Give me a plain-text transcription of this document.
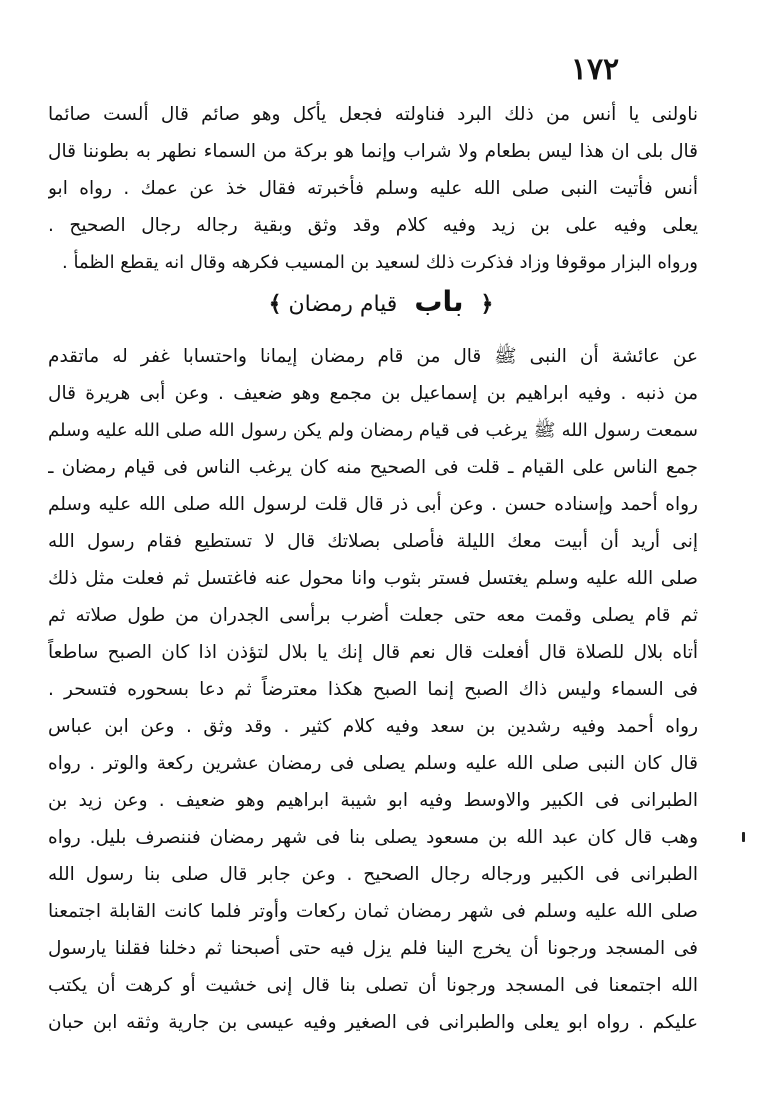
١٧٢
ناولنى يا أنس من ذلك البرد فناولته فجعل يأكل وهو صائم قال ألست صائما
قال بلى ان هذا ليس بطعام ولا شراب وإنما هو بركة من السماء نطهر به بطوننا قال
أنس فأتيت النبى صلى الله عليه وسلم فأخبرته فقال خذ عن عمك . رواه ابو
يعلى وفيه على بن زيد وفيه كلام وقد وثق وبقية رجاله رجال الصحيح .
ورواه البزار موقوفا وزاد فذكرت ذلك لسعيد بن المسيب فكرهه وقال انه يقطع الظمأ .
﴿ باب قيام رمضان ﴾
عن عائشة أن النبى ﷺ قال من قام رمضان إيمانا واحتسابا غفر له ماتقدم
من ذنبه . وفيه ابراهيم بن إسماعيل بن مجمع وهو ضعيف . وعن أبى هريرة قال
سمعت رسول الله ﷺ يرغب فى قيام رمضان ولم يكن رسول الله صلى الله عليه وسلم
جمع الناس على القيام ـ قلت فى الصحيح منه كان يرغب الناس فى قيام رمضان ـ
رواه أحمد وإسناده حسن . وعن أبى ذر قال قلت لرسول الله صلى الله عليه وسلم
إنى أريد أن أبيت معك الليلة فأصلى بصلاتك قال لا تستطيع فقام رسول الله
صلى الله عليه وسلم يغتسل فستر بثوب وانا محول عنه فاغتسل ثم فعلت مثل ذلك
ثم قام يصلى وقمت معه حتى جعلت أضرب برأسى الجدران من طول صلاته ثم
أتاه بلال للصلاة قال أفعلت قال نعم قال إنك يا بلال لتؤذن اذا كان الصبح ساطعاً
فى السماء وليس ذاك الصبح إنما الصبح هكذا معترضاً ثم دعا بسحوره فتسحر .
رواه أحمد وفيه رشدين بن سعد وفيه كلام كثير . وقد وثق . وعن ابن عباس
قال كان النبى صلى الله عليه وسلم يصلى فى رمضان عشرين ركعة والوتر . رواه
الطبرانى فى الكبير والاوسط وفيه ابو شيبة ابراهيم وهو ضعيف . وعن زيد بن
وهب قال كان عبد الله بن مسعود يصلى بنا فى شهر رمضان فننصرف بليل. رواه
الطبرانى فى الكبير ورجاله رجال الصحيح . وعن جابر قال صلى بنا رسول الله
صلى الله عليه وسلم فى شهر رمضان ثمان ركعات وأوتر فلما كانت القابلة اجتمعنا
فى المسجد ورجونا أن يخرج الينا فلم يزل فيه حتى أصبحنا ثم دخلنا فقلنا يارسول
الله اجتمعنا فى المسجد ورجونا أن تصلى بنا قال إنى خشيت أو كرهت أن يكتب
عليكم . رواه ابو يعلى والطبرانى فى الصغير وفيه عيسى بن جارية وثقه ابن حبان
